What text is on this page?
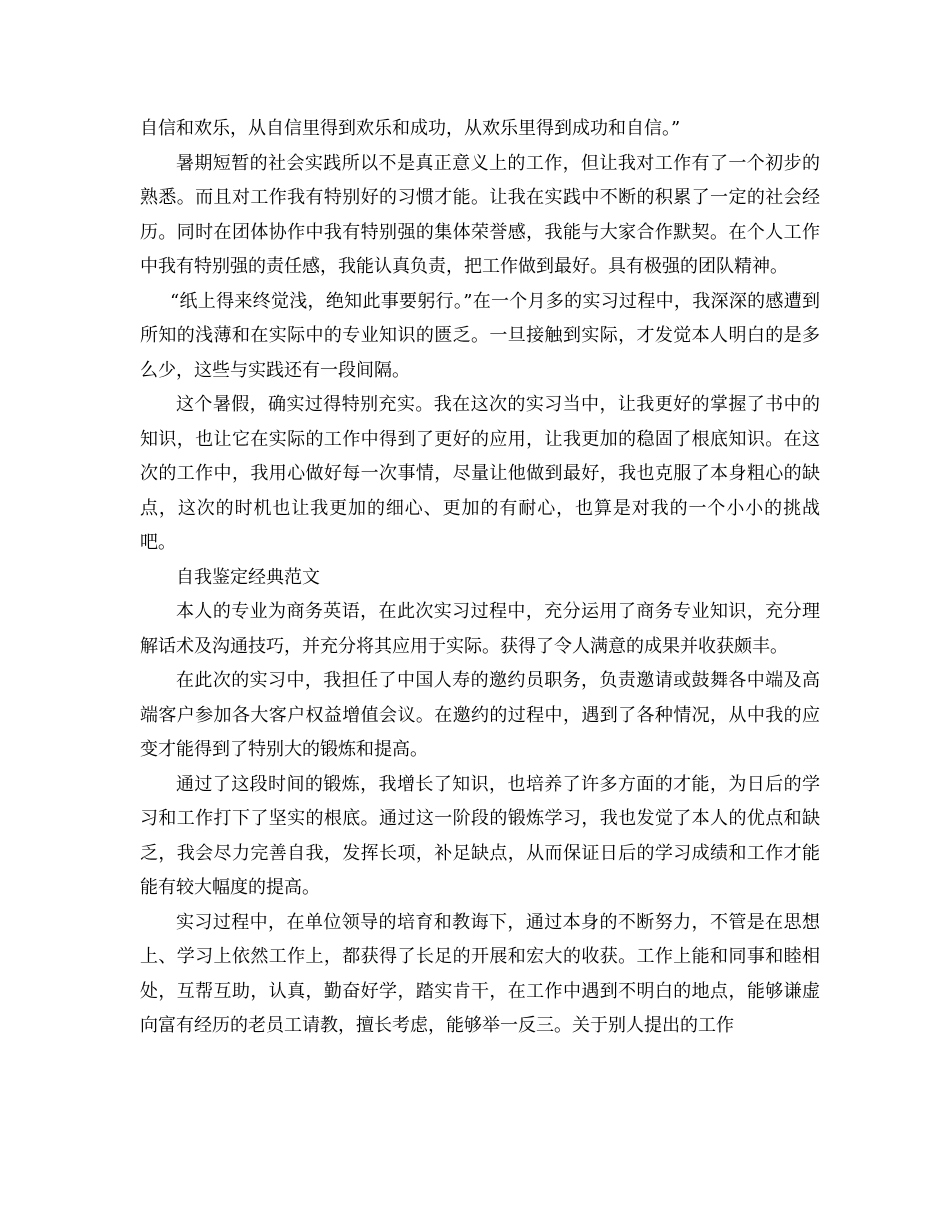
自信和欢乐，从自信里得到欢乐和成功，从欢乐里得到成功和自信。”

暑期短暂的社会实践所以不是真正意义上的工作，但让我对工作有了一个初步的熟悉。而且对工作我有特别好的习惯才能。让我在实践中不断的积累了一定的社会经历。同时在团体协作中我有特别强的集体荣誉感，我能与大家合作默契。在个人工作中我有特别强的责任感，我能认真负责，把工作做到最好。具有极强的团队精神。

“纸上得来终觉浅，绝知此事要躬行。”在一个月多的实习过程中，我深深的感遭到所知的浅薄和在实际中的专业知识的匮乏。一旦接触到实际，才发觉本人明白的是多么少，这些与实践还有一段间隔。

这个暑假，确实过得特别充实。我在这次的实习当中，让我更好的掌握了书中的知识，也让它在实际的工作中得到了更好的应用，让我更加的稳固了根底知识。在这次的工作中，我用心做好每一次事情，尽量让他做到最好，我也克服了本身粗心的缺点，这次的时机也让我更加的细心、更加的有耐心，也算是对我的一个小小的挑战吧。

自我鉴定经典范文

本人的专业为商务英语，在此次实习过程中，充分运用了商务专业知识，充分理解话术及沟通技巧，并充分将其应用于实际。获得了令人满意的成果并收获颇丰。

在此次的实习中，我担任了中国人寿的邀约员职务，负责邀请或鼓舞各中端及高端客户参加各大客户权益增值会议。在邀约的过程中，遇到了各种情况，从中我的应变才能得到了特别大的锻炼和提高。

通过了这段时间的锻炼，我增长了知识，也培养了许多方面的才能，为日后的学习和工作打下了坚实的根底。通过这一阶段的锻炼学习，我也发觉了本人的优点和缺乏，我会尽力完善自我，发挥长项，补足缺点，从而保证日后的学习成绩和工作才能能有较大幅度的提高。

实习过程中，在单位领导的培育和教诲下，通过本身的不断努力，不管是在思想上、学习上依然工作上，都获得了长足的开展和宏大的收获。工作上能和同事和睦相处，互帮互助，认真，勤奋好学，踏实肯干，在工作中遇到不明白的地点，能够谦虚向富有经历的老员工请教，擅长考虑，能够举一反三。关于别人提出的工作
